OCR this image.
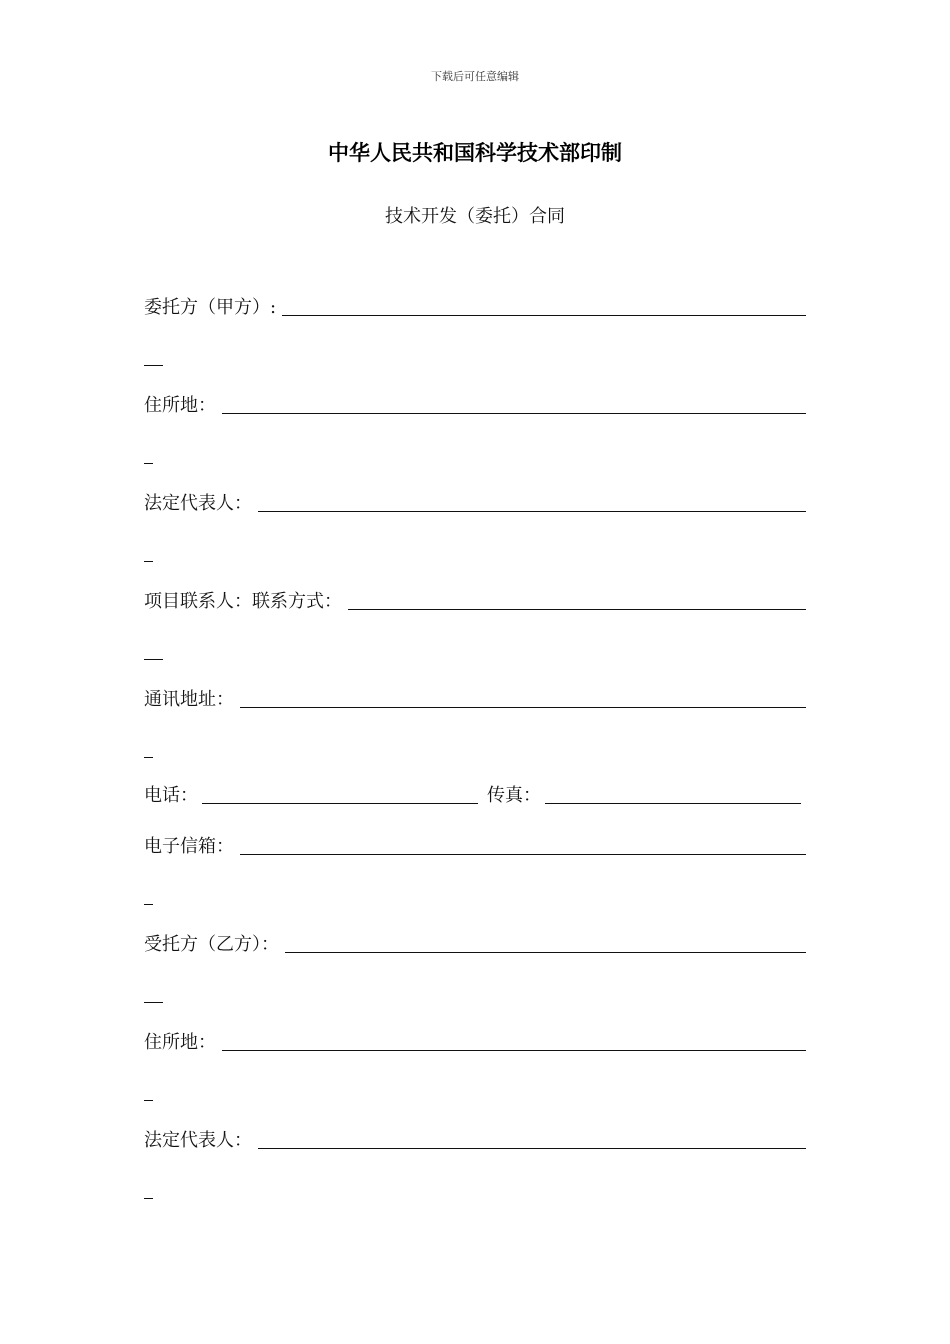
下载后可任意编辑
中华人民共和国科学技术部印制
技术开发（委托）合同
委托方（甲方）:
住所地：
法定代表人：
项目联系人：联系方式：
通讯地址：
电话：	传真：
电子信箱：
受托方（乙方）：
住所地：
法定代表人：
